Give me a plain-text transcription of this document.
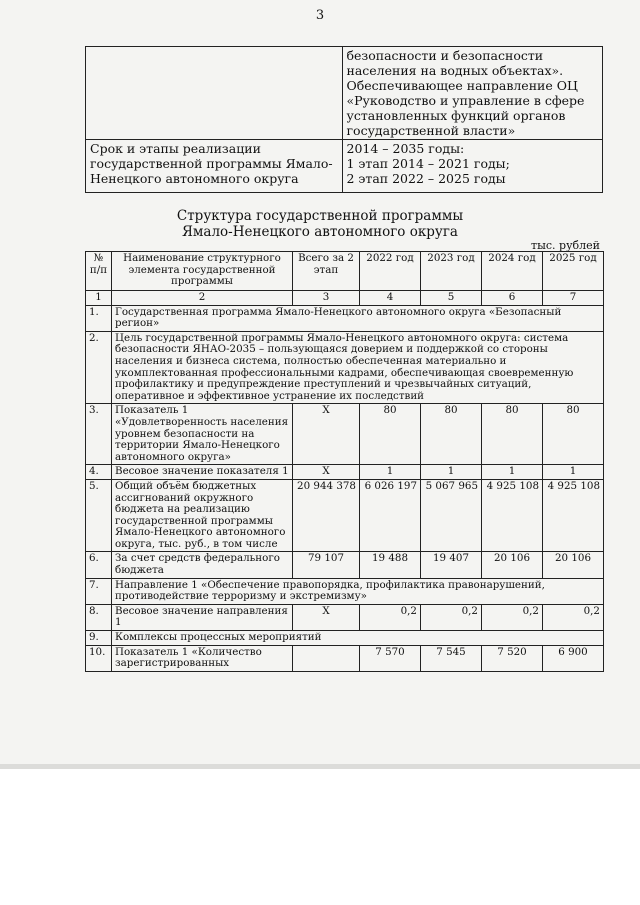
3
	безопасности и безопасности населения на водных объектах». Обеспечивающее направление ОЦ «Руководство и управление в сфере установленных функций органов государственной власти»
Срок и этапы реализации государственной программы Ямало-Ненецкого автономного округа	2014 – 2035 годы:
1 этап 2014 – 2021 годы;
2 этап 2022 – 2025 годы
Структура государственной программы
Ямало-Ненецкого автономного округа
тыс. рублей
№ п/п	Наименование структурного элемента государственной программы	Всего за 2 этап	2022 год	2023 год	2024 год	2025 год
1	2	3	4	5	6	7
1.	Государственная программа Ямало-Ненецкого автономного округа «Безопасный регион»					
2.	Цель государственной программы Ямало-Ненецкого автономного округа: система безопасности ЯНАО-2035 – пользующаяся доверием и поддержкой со стороны населения и бизнеса система, полностью обеспеченная материально и укомплектованная профессиональными кадрами, обеспечивающая своевременную профилактику и предупреждение преступлений и чрезвычайных ситуаций, оперативное и эффективное устранение их последствий					
3.	Показатель 1 «Удовлетворенность населения уровнем безопасности на территории Ямало-Ненецкого автономного округа»	Х	80	80	80	80
4.	Весовое значение показателя 1	Х	1	1	1	1
5.	Общий объём бюджетных ассигнований окружного бюджета на реализацию государственной программы Ямало-Ненецкого автономного округа, тыс. руб., в том числе	20 944 378	6 026 197	5 067 965	4 925 108	4 925 108
6.	За счет средств федерального бюджета	79 107	19 488	19 407	20 106	20 106
7.	Направление 1 «Обеспечение правопорядка, профилактика правонарушений, противодействие терроризму и экстремизму»					
8.	Весовое значение направления 1	Х	0,2	0,2	0,2	0,2
9.	Комплексы процессных мероприятий					
10.	Показатель 1 «Количество зарегистрированных		7 570	7 545	7 520	6 900
